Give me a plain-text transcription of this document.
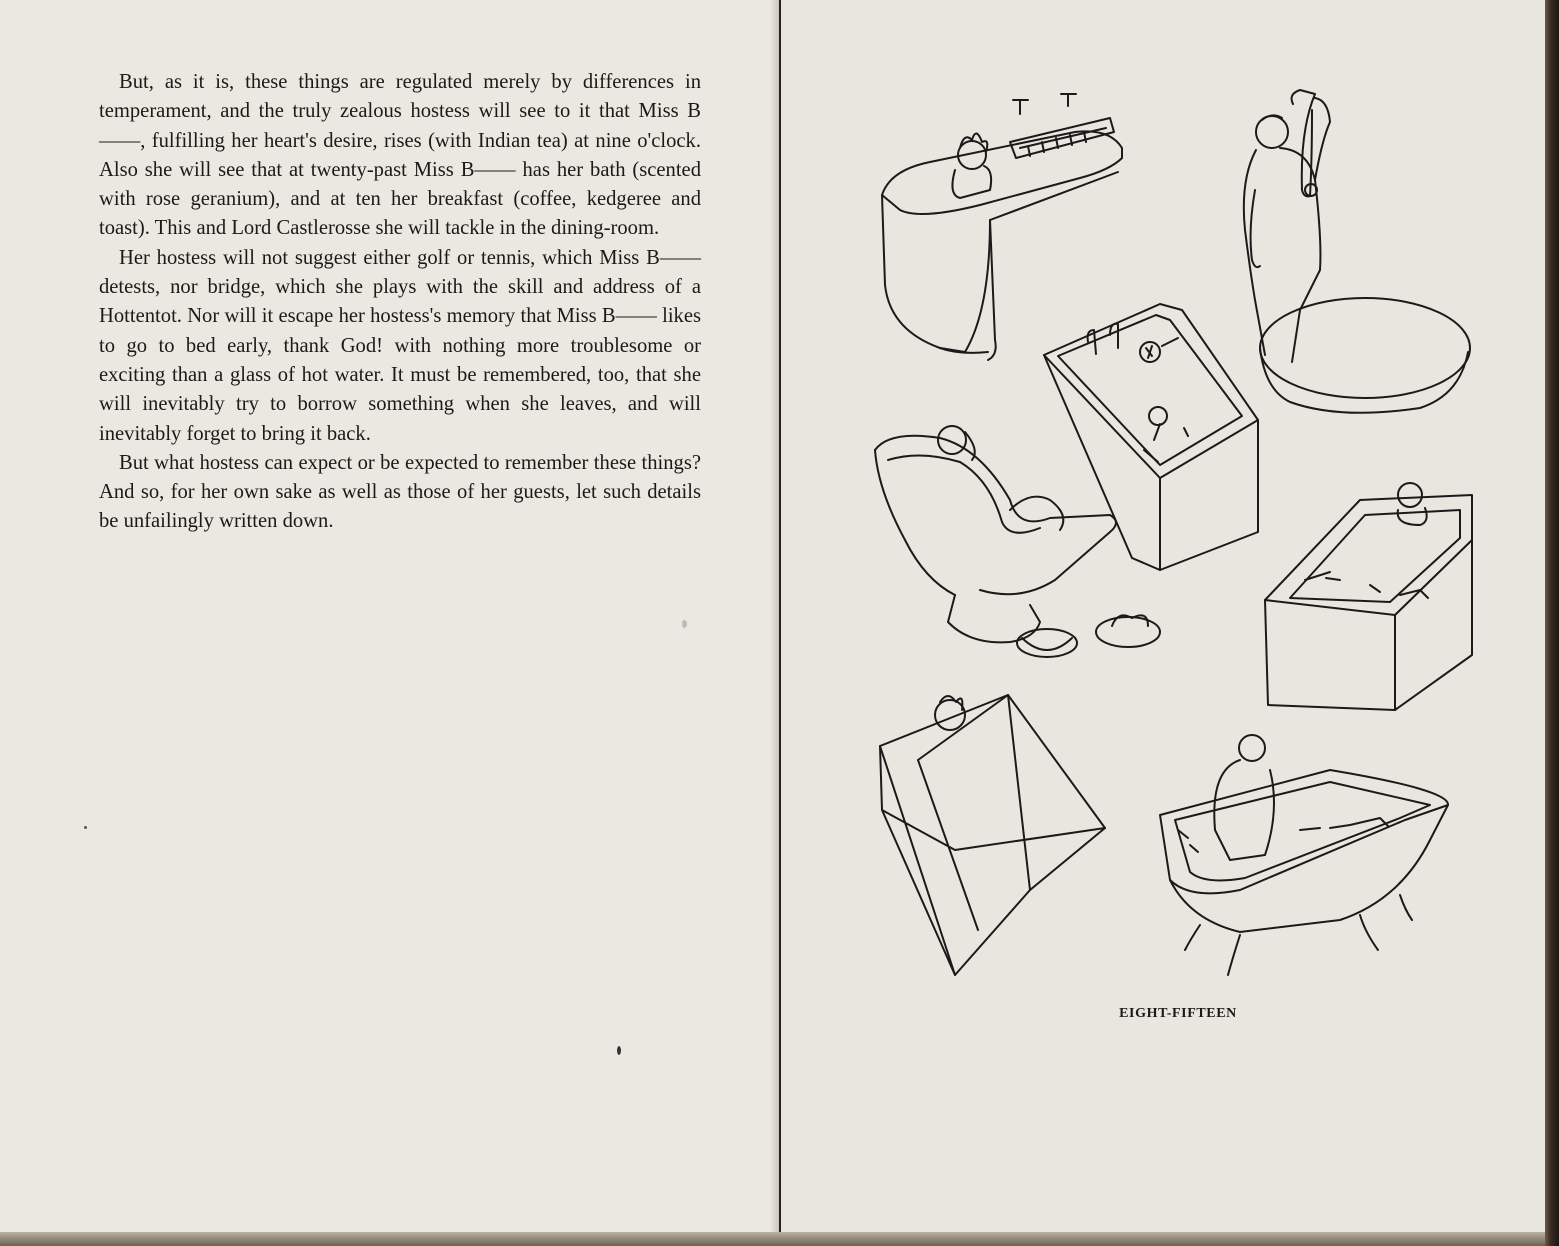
But, as it is, these things are regulated merely by differences in temperament, and the truly zealous hostess will see to it that Miss B——, fulfilling her heart's desire, rises (with Indian tea) at nine o'clock. Also she will see that at twenty-past Miss B—— has her bath (scented with rose geranium), and at ten her breakfast (coffee, kedgeree and toast). This and Lord Castlerosse she will tackle in the dining-room.

Her hostess will not suggest either golf or tennis, which Miss B—— detests, nor bridge, which she plays with the skill and address of a Hottentot. Nor will it escape her hostess's memory that Miss B—— likes to go to bed early, thank God! with nothing more troublesome or exciting than a glass of hot water. It must be remembered, too, that she will inevitably try to borrow something when she leaves, and will inevitably forget to bring it back.

But what hostess can expect or be expected to remember these things? And so, for her own sake as well as those of her guests, let such details be unfailingly written down.

EIGHT-FIFTEEN
